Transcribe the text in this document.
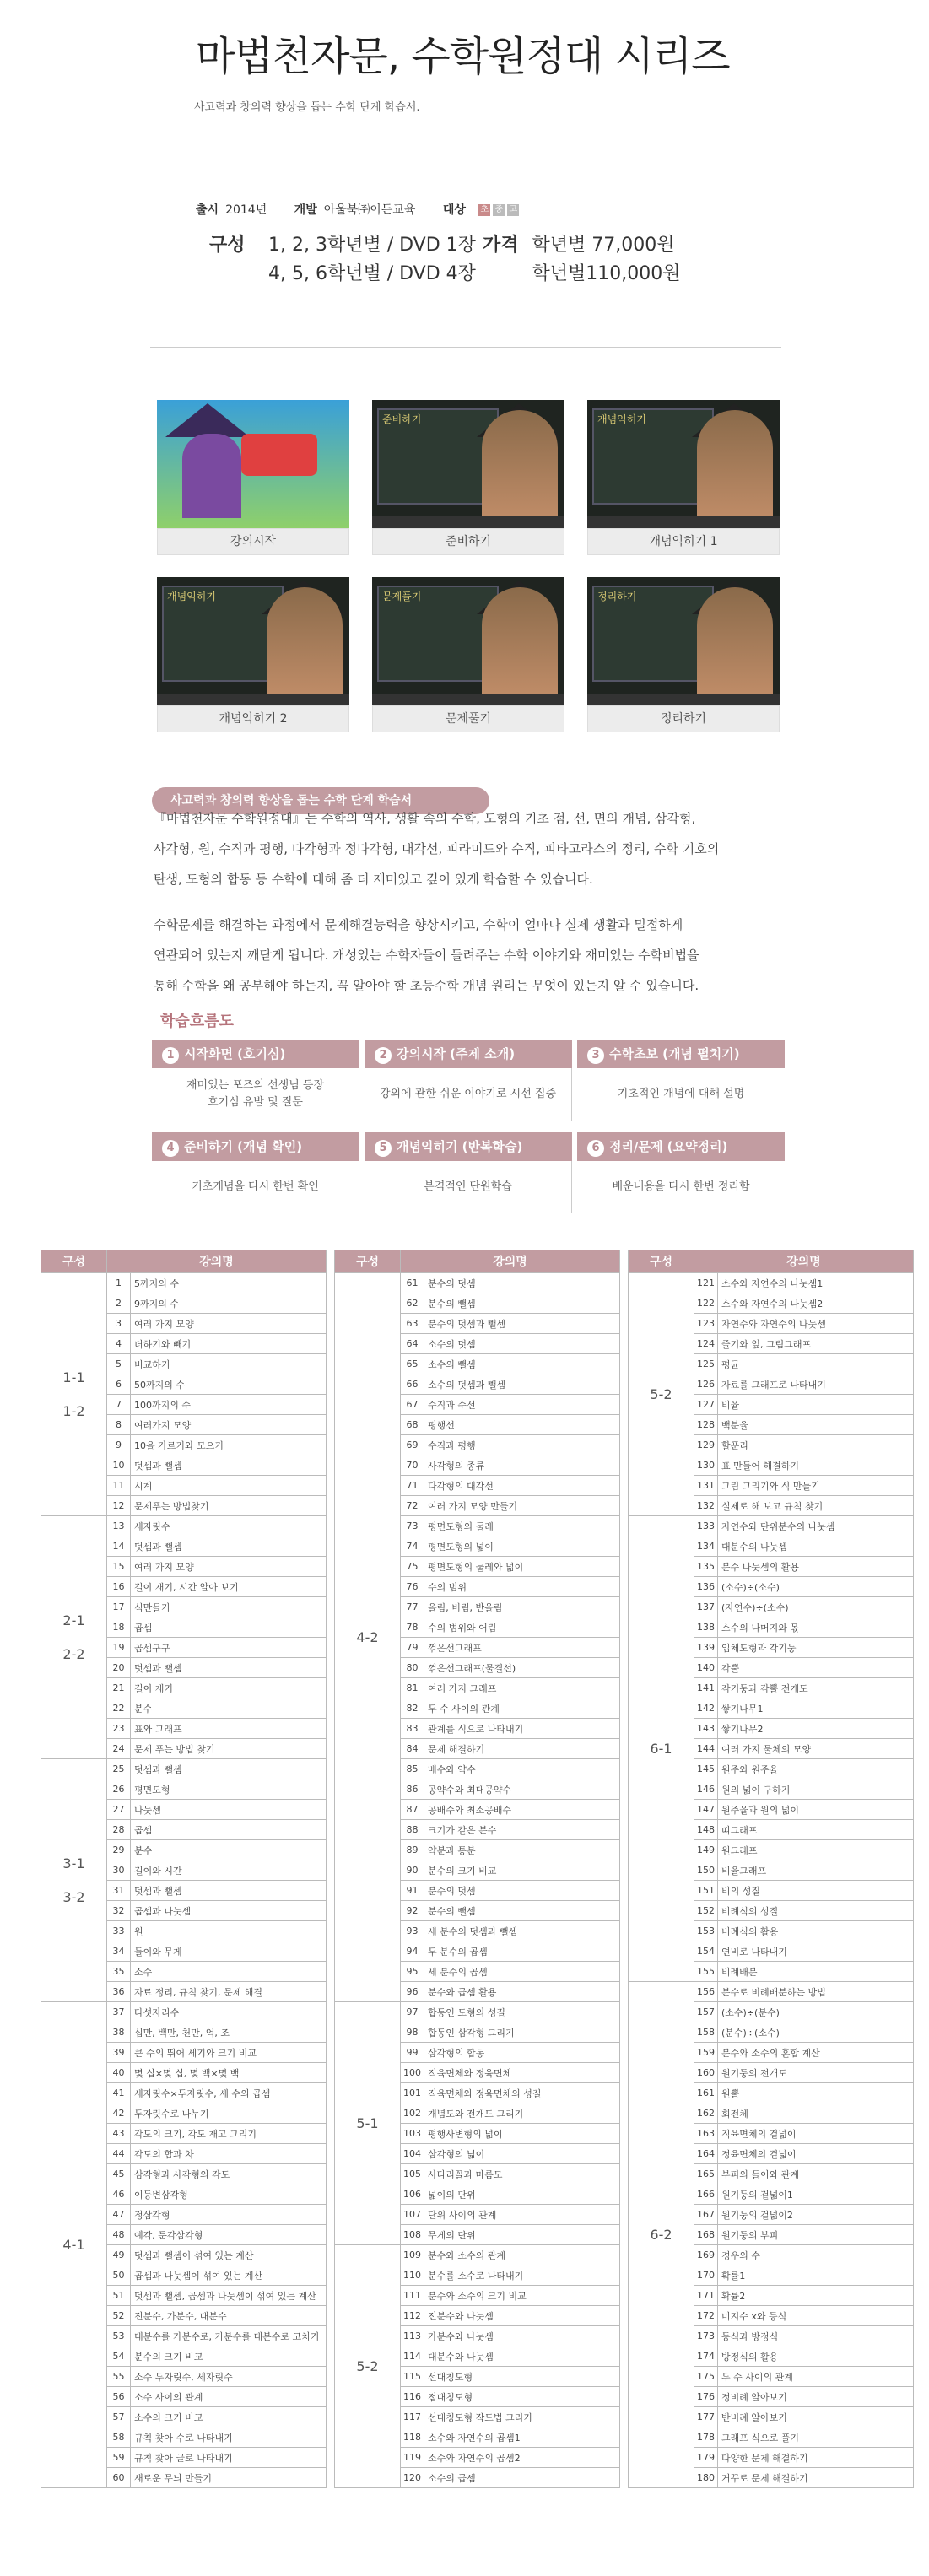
마법천자문, 수학원정대 시리즈
사고력과 창의력 향상을 돕는 수학 단계 학습서.
출시 2014년 개발 아울북㈜이든교육 대상 초 중 고
구성 1, 2, 3학년별 / DVD 1장
4, 5, 6학년별 / DVD 4장
가격 학년별 77,000원
학년별110,000원
강의시작
준비하기
준비하기
개념익히기
개념익히기 1
개념익히기
개념익히기 2
문제풀기
문제풀기
정리하기
정리하기
사고력과 창의력 향상을 돕는 수학 단계 학습서
『마법천자문 수학원정대』는 수학의 역사, 생활 속의 수학, 도형의 기초 점, 선, 면의 개념, 삼각형,
사각형, 원, 수직과 평행, 다각형과 정다각형, 대각선, 피라미드와 수직, 피타고라스의 정리, 수학 기호의
탄생, 도형의 합동 등 수학에 대해 좀 더 재미있고 깊이 있게 학습할 수 있습니다.
수학문제를 해결하는 과정에서 문제해결능력을 향상시키고, 수학이 얼마나 실제 생활과 밀접하게
연관되어 있는지 깨닫게 됩니다. 개성있는 수학자들이 들려주는 수학 이야기와 재미있는 수학비법을
통해 수학을 왜 공부해야 하는지, 꼭 알아야 할 초등수학 개념 원리는 무엇이 있는지 알 수 있습니다.
학습흐름도
1 시작화면 (호기심)
재미있는 포즈의 선생님 등장
호기심 유발 및 질문
2 강의시작 (주제 소개)
강의에 관한 쉬운 이야기로 시선 집중
3 수학초보 (개념 펼치기)
기초적인 개념에 대해 설명
4 준비하기 (개념 확인)
기초개념을 다시 한번 확인
5 개념익히기 (반복학습)
본격적인 단원학습
6 정리/문제 (요약정리)
배운내용을 다시 한번 정리함
구성	강의명	
1-1
1-2	1	5까지의 수
	2	9까지의 수
	3	여러 가지 모양
	4	더하기와 빼기
	5	비교하기
	6	50까지의 수
	7	100까지의 수
	8	여러가지 모양
	9	10을 가르기와 모으기
	10	덧셈과 뺄셈
	11	시계
	12	문제푸는 방법찾기
2-1
2-2	13	세자릿수
	14	덧셈과 뺄셈
	15	여러 가지 모양
	16	길이 재기, 시간 알아 보기
	17	식만들기
	18	곱셈
	19	곱셈구구
	20	덧셈과 뺄셈
	21	길이 재기
	22	분수
	23	표와 그래프
	24	문제 푸는 방법 찾기
3-1
3-2	25	덧셈과 뺄셈
	26	평면도형
	27	나눗셈
	28	곱셈
	29	분수
	30	길이와 시간
	31	덧셈과 뺄셈
	32	곱셈과 나눗셈
	33	원
	34	들이와 무게
	35	소수
	36	자료 정리, 규칙 찾기, 문제 해결
4-1	37	다섯자리수
	38	십만, 백만, 천만, 억, 조
	39	큰 수의 뛰어 세기와 크기 비교
	40	몇 십×몇 십, 몇 백×몇 백
	41	세자릿수×두자릿수, 세 수의 곱셈
	42	두자릿수로 나누기
	43	각도의 크기, 각도 재고 그리기
	44	각도의 합과 차
	45	삼각형과 사각형의 각도
	46	이등변삼각형
	47	정삼각형
	48	예각, 둔각삼각형
	49	덧셈과 뺄셈이 섞여 있는 계산
	50	곱셈과 나눗셈이 섞여 있는 계산
	51	덧셈과 뺄셈, 곱셈과 나눗셈이 섞여 있는 계산
	52	진분수, 가분수, 대분수
	53	대분수를 가분수로, 가분수를 대분수로 고치기
	54	분수의 크기 비교
	55	소수 두자릿수, 세자릿수
	56	소수 사이의 관계
	57	소수의 크기 비교
	58	규칙 찾아 수로 나타내기
	59	규칙 찾아 글로 나타내기
	60	새로운 무늬 만들기
구성	강의명	
4-2	61	분수의 덧셈
	62	분수의 뺄셈
	63	분수의 덧셈과 뺄셈
	64	소수의 덧셈
	65	소수의 뺄셈
	66	소수의 덧셈과 뺄셈
	67	수직과 수선
	68	평행선
	69	수직과 평행
	70	사각형의 종류
	71	다각형의 대각선
	72	여러 가지 모양 만들기
	73	평면도형의 둘레
	74	평면도형의 넓이
	75	평면도형의 둘레와 넓이
	76	수의 범위
	77	올림, 버림, 반올림
	78	수의 범위와 어림
	79	꺾은선그래프
	80	꺾은선그래프(물결선)
	81	여러 가지 그래프
	82	두 수 사이의 관계
	83	관계를 식으로 나타내기
	84	문제 해결하기
	85	배수와 약수
	86	공약수와 최대공약수
	87	공배수와 최소공배수
	88	크기가 같은 분수
	89	약분과 통분
	90	분수의 크기 비교
	91	분수의 덧셈
	92	분수의 뺄셈
	93	세 분수의 덧셈과 뺄셈
	94	두 분수의 곱셈
	95	세 분수의 곱셈
	96	분수와 곱셈 활용
5-1	97	합동인 도형의 성질
	98	합동인 삼각형 그리기
	99	삼각형의 합동
	100	직육면체와 정육면체
	101	직육면체와 정육면체의 성질
	102	개념도와 전개도 그리기
	103	평행사변형의 넓이
	104	삼각형의 넓이
	105	사다리꼴과 마름모
	106	넓이의 단위
	107	단위 사이의 관계
	108	무게의 단위
5-2	109	분수와 소수의 관계
	110	분수를 소수로 나타내기
	111	분수와 소수의 크기 비교
	112	진분수와 나눗셈
	113	가분수와 나눗셈
	114	대분수와 나눗셈
	115	선대칭도형
	116	점대칭도형
	117	선대칭도형 작도법 그리기
	118	소수와 자연수의 곱셈1
	119	소수와 자연수의 곱셈2
	120	소수의 곱셈
구성	강의명	
5-2	121	소수와 자연수의 나눗셈1
	122	소수와 자연수의 나눗셈2
	123	자연수와 자연수의 나눗셈
	124	줄기와 잎, 그림그래프
	125	평균
	126	자료를 그래프로 나타내기
	127	비율
	128	백분율
	129	할푼리
	130	표 만들어 해결하기
	131	그림 그리기와 식 만들기
	132	실제로 해 보고 규칙 찾기
6-1	133	자연수와 단위분수의 나눗셈
	134	대분수의 나눗셈
	135	분수 나눗셈의 활용
	136	(소수)÷(소수)
	137	(자연수)÷(소수)
	138	소수의 나머지와 몫
	139	입체도형과 각기둥
	140	각뿔
	141	각기둥과 각뿔 전개도
	142	쌓기나무1
	143	쌓기나무2
	144	여러 가지 물체의 모양
	145	원주와 원주율
	146	원의 넓이 구하기
	147	원주율과 원의 넓이
	148	띠그래프
	149	원그래프
	150	비율그래프
	151	비의 성질
	152	비례식의 성질
	153	비례식의 활용
	154	연비로 나타내기
	155	비례배분
6-2	156	분수로 비례배분하는 방법
	157	(소수)÷(분수)
	158	(분수)÷(소수)
	159	분수와 소수의 혼합 계산
	160	원기둥의 전개도
	161	원뿔
	162	회전체
	163	직육면체의 겉넓이
	164	정육면체의 겉넓이
	165	부피의 들이와 관계
	166	원기둥의 겉넓이1
	167	원기둥의 겉넓이2
	168	원기둥의 부피
	169	경우의 수
	170	확률1
	171	확률2
	172	미지수 x와 등식
	173	등식과 방정식
	174	방정식의 활용
	175	두 수 사이의 관계
	176	정비례 알아보기
	177	반비례 알아보기
	178	그래프 식으로 풀기
	179	다양한 문제 해결하기
	180	거꾸로 문제 해결하기
